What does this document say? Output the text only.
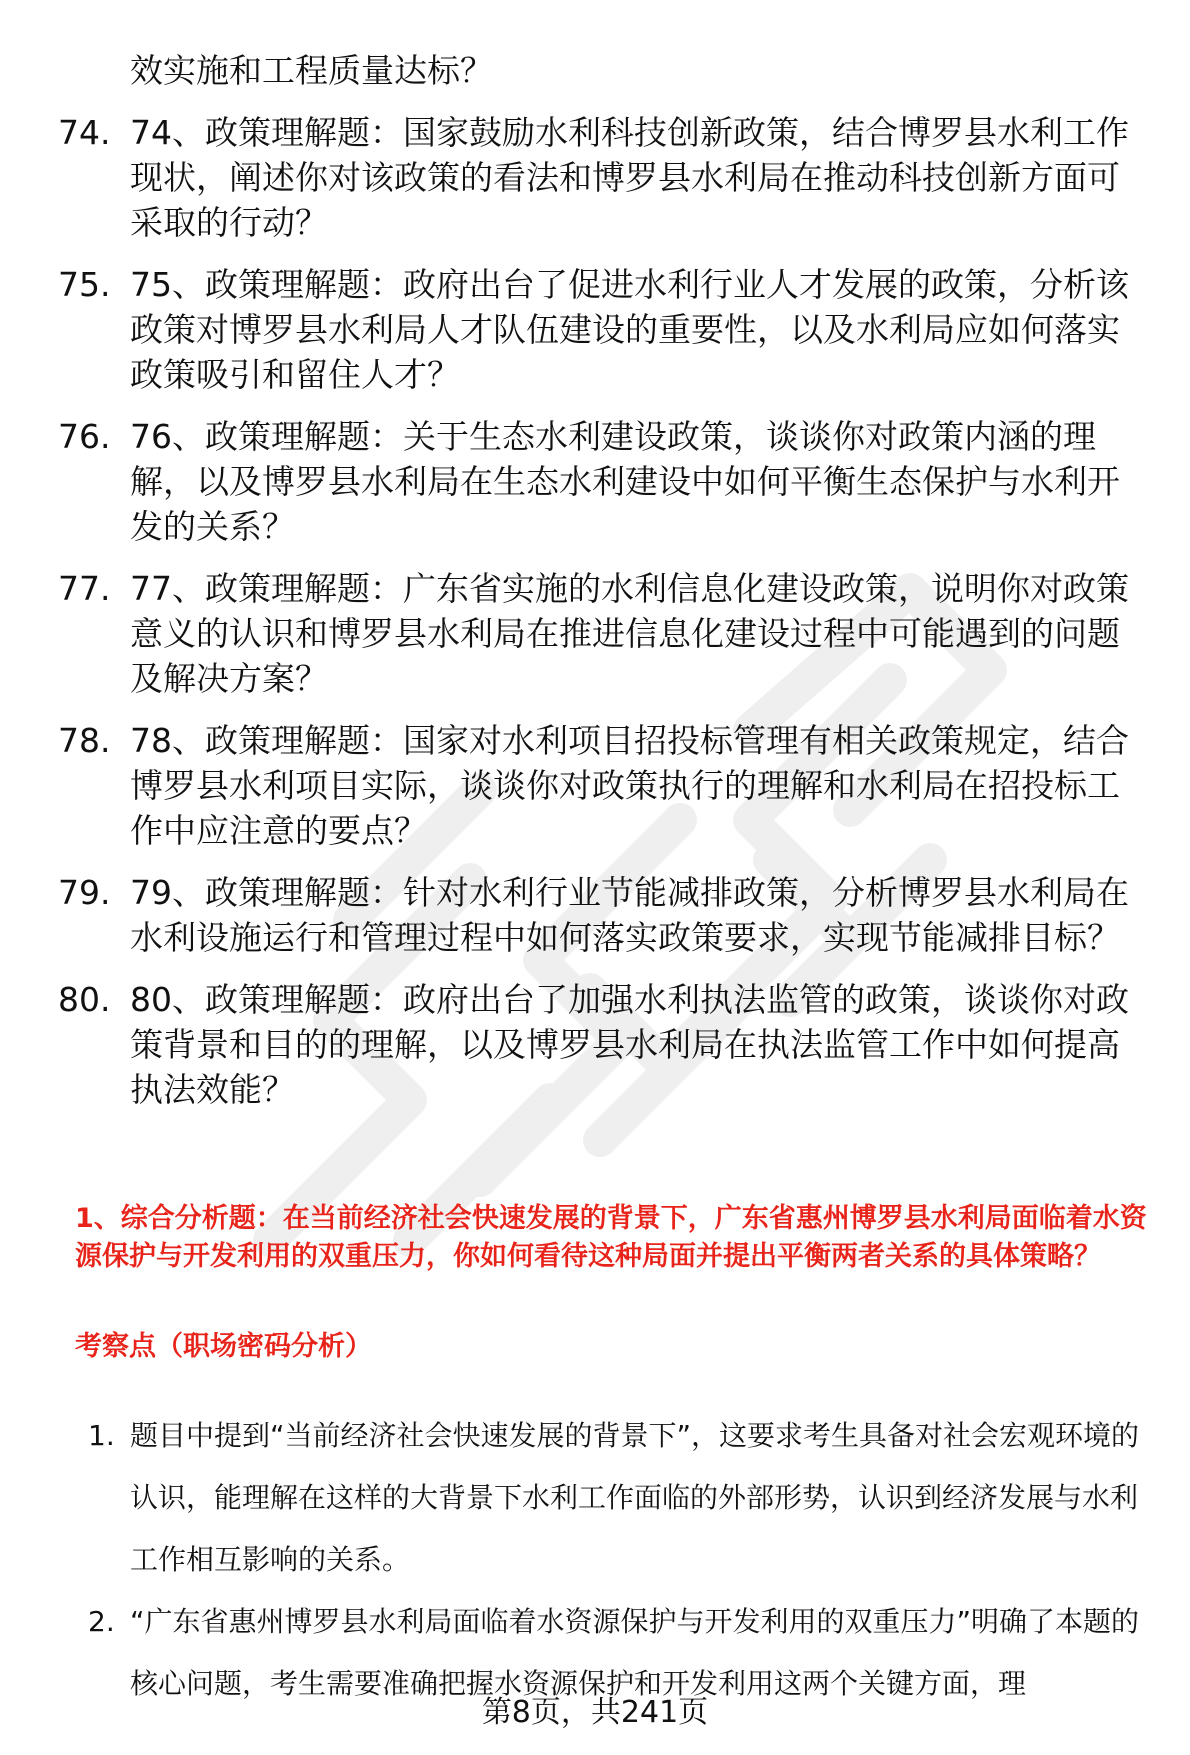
效实施和工程质量达标？

74. 74、政策理解题：国家鼓励水利科技创新政策，结合博罗县水利工作现状，阐述你对该政策的看法和博罗县水利局在推动科技创新方面可采取的行动？
75. 75、政策理解题：政府出台了促进水利行业人才发展的政策，分析该政策对博罗县水利局人才队伍建设的重要性，以及水利局应如何落实政策吸引和留住人才？
76. 76、政策理解题：关于生态水利建设政策，谈谈你对政策内涵的理解，以及博罗县水利局在生态水利建设中如何平衡生态保护与水利开发的关系？
77. 77、政策理解题：广东省实施的水利信息化建设政策，说明你对政策意义的认识和博罗县水利局在推进信息化建设过程中可能遇到的问题及解决方案？
78. 78、政策理解题：国家对水利项目招投标管理有相关政策规定，结合博罗县水利项目实际，谈谈你对政策执行的理解和水利局在招投标工作中应注意的要点？
79. 79、政策理解题：针对水利行业节能减排政策，分析博罗县水利局在水利设施运行和管理过程中如何落实政策要求，实现节能减排目标？
80. 80、政策理解题：政府出台了加强水利执法监管的政策，谈谈你对政策背景和目的的理解，以及博罗县水利局在执法监管工作中如何提高执法效能？

1、综合分析题：在当前经济社会快速发展的背景下，广东省惠州博罗县水利局面临着水资源保护与开发利用的双重压力，你如何看待这种局面并提出平衡两者关系的具体策略？

考察点（职场密码分析）

1. 题目中提到“当前经济社会快速发展的背景下”，这要求考生具备对社会宏观环境的认识，能理解在这样的大背景下水利工作面临的外部形势，认识到经济发展与水利工作相互影响的关系。
2. “广东省惠州博罗县水利局面临着水资源保护与开发利用的双重压力”明确了本题的核心问题，考生需要准确把握水资源保护和开发利用这两个关键方面，理

第8页，共241页
